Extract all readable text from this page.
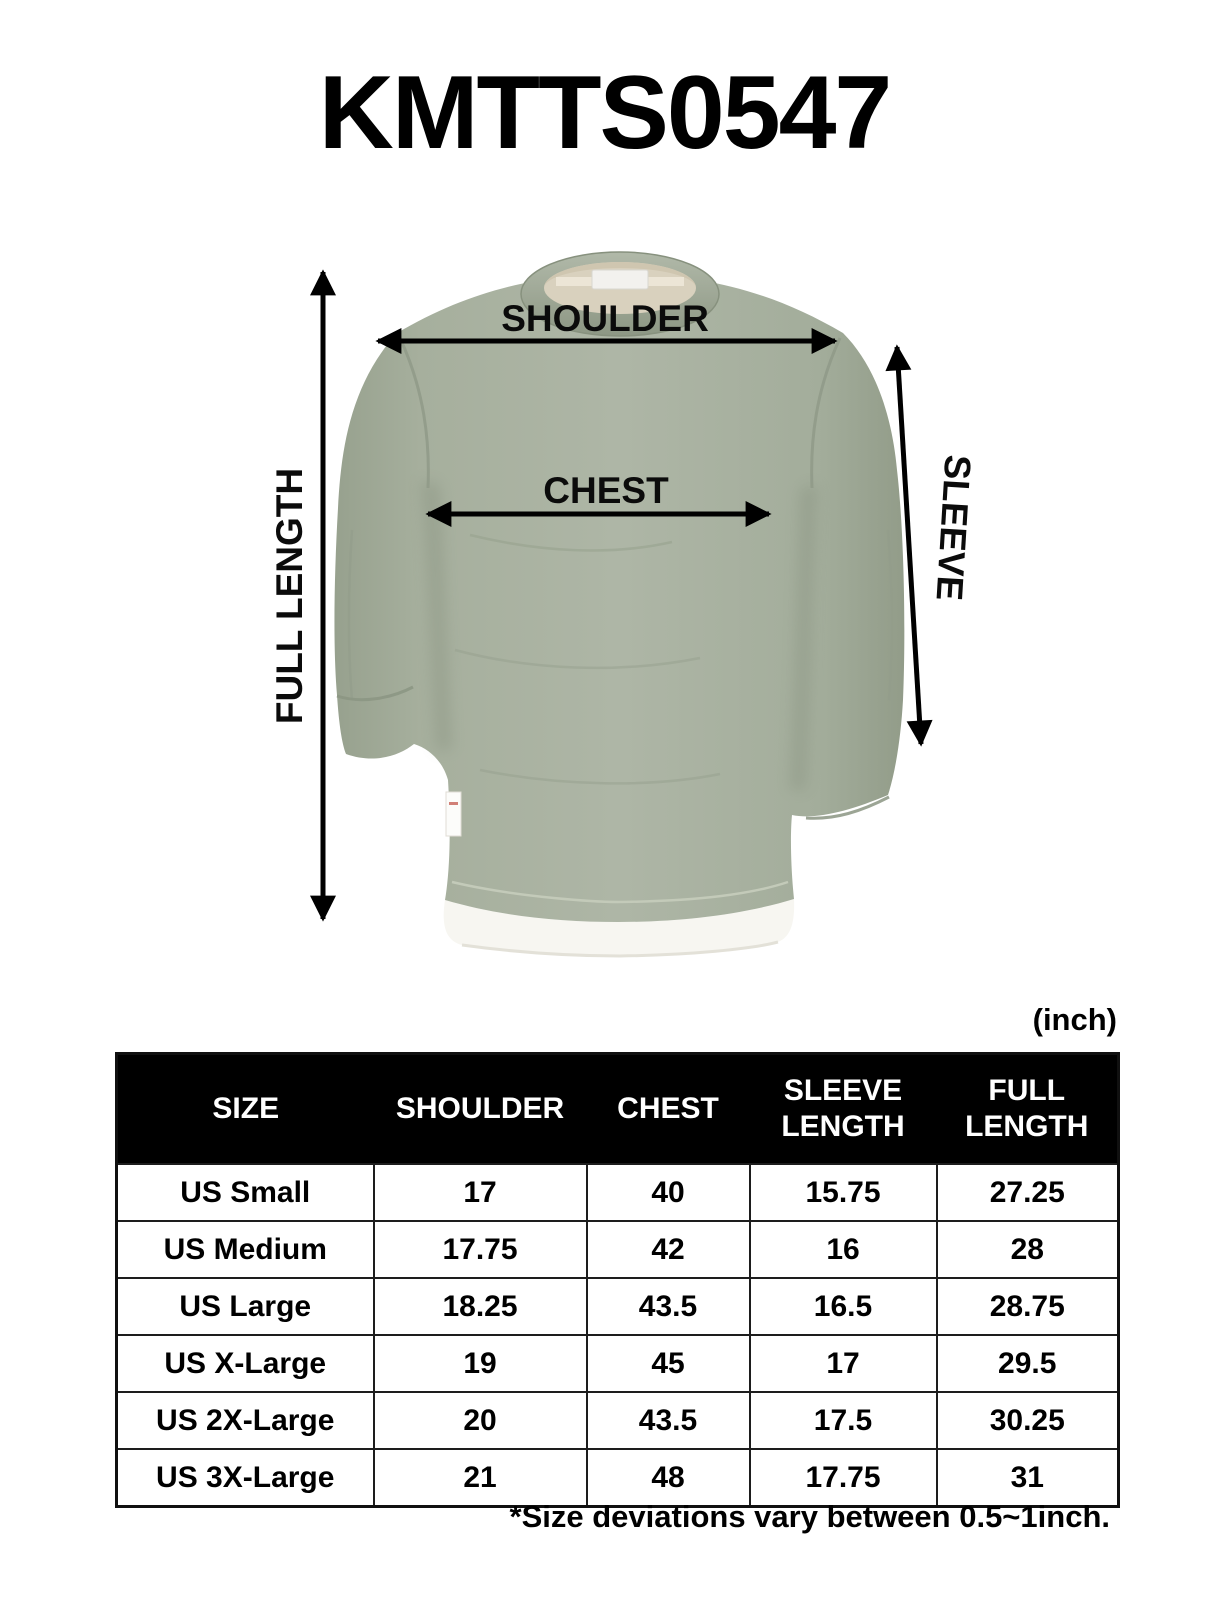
KMTTS0547
SHOULDER
CHEST
FULL LENGTH	SLEEVE
(inch)
SIZE	SHOULDER	CHEST	SLEEVE LENGTH	FULL LENGTH
US Small	17	40	15.75	27.25
US Medium	17.75	42	16	28
US Large	18.25	43.5	16.5	28.75
US X-Large	19	45	17	29.5
US 2X-Large	20	43.5	17.5	30.25
US 3X-Large	21	48	17.75	31
*Size deviations vary between 0.5~1inch.
